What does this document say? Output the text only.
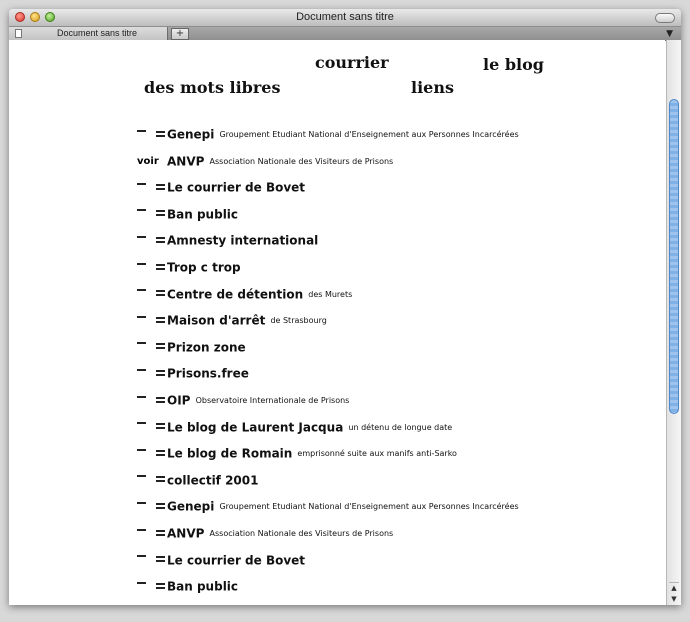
Document sans titre
Document sans titre	+	▼
courrier	le blog
des mots libres	liens
Genepi Groupement Etudiant National d'Enseignement aux Personnes Incarcérées
voir ANVP Association Nationale des Visiteurs de Prisons
Le courrier de Bovet
Ban public
Amnesty international
Trop c trop
Centre de détention des Murets
Maison d'arrêt de Strasbourg
Prizon zone
Prisons.free
OIP Observatoire Internationale de Prisons
Le blog de Laurent Jacqua un détenu de longue date
Le blog de Romain emprisonné suite aux manifs anti-Sarko
collectif 2001
Genepi Groupement Etudiant National d'Enseignement aux Personnes Incarcérées
ANVP Association Nationale des Visiteurs de Prisons
Le courrier de Bovet
Ban public	▲
▼
